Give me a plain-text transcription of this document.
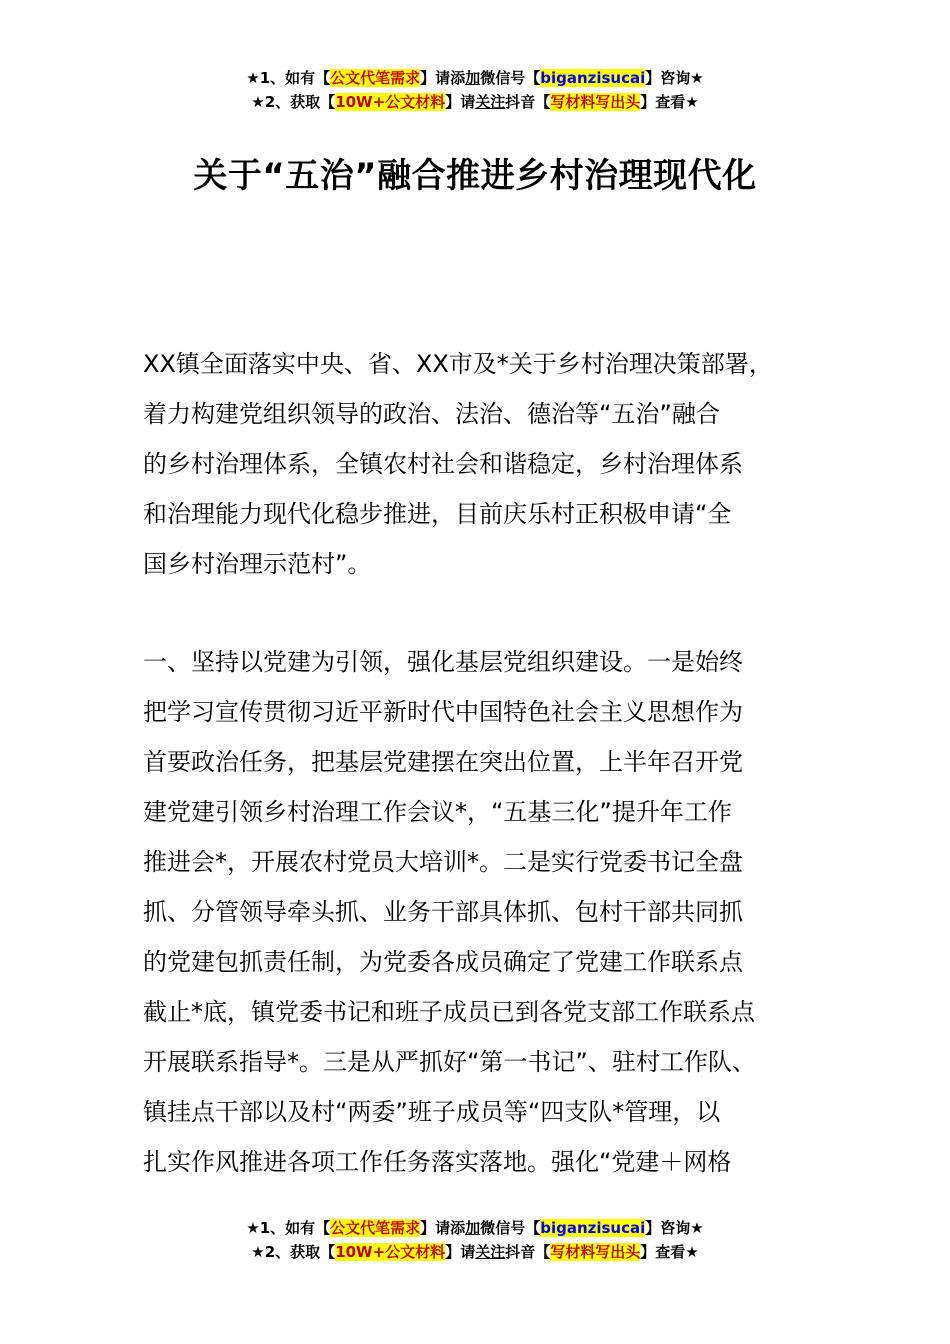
★1、如有【公文代笔需求】请添加微信号【biganzisucai】咨询★
★2、获取【10W+公文材料】请关注抖音【写材料写出头】查看★
关于“五治”融合推进乡村治理现代化
XX镇全面落实中央、省、XX市及*关于乡村治理决策部署，
着力构建党组织领导的政治、法治、德治等“五治”融合
的乡村治理体系，全镇农村社会和谐稳定，乡村治理体系
和治理能力现代化稳步推进，目前庆乐村正积极申请“全
国乡村治理示范村”。
一、坚持以党建为引领，强化基层党组织建设。一是始终
把学习宣传贯彻习近平新时代中国特色社会主义思想作为
首要政治任务，把基层党建摆在突出位置，上半年召开党
建党建引领乡村治理工作会议*，“五基三化”提升年工作
推进会*，开展农村党员大培训*。二是实行党委书记全盘
抓、分管领导牵头抓、业务干部具体抓、包村干部共同抓
的党建包抓责任制，为党委各成员确定了党建工作联系点
截止*底，镇党委书记和班子成员已到各党支部工作联系点
开展联系指导*。三是从严抓好“第一书记”、驻村工作队、
镇挂点干部以及村“两委”班子成员等“四支队*管理，以
扎实作风推进各项工作任务落实落地。强化“党建＋网格
★1、如有【公文代笔需求】请添加微信号【biganzisucai】咨询★
★2、获取【10W+公文材料】请关注抖音【写材料写出头】查看★
